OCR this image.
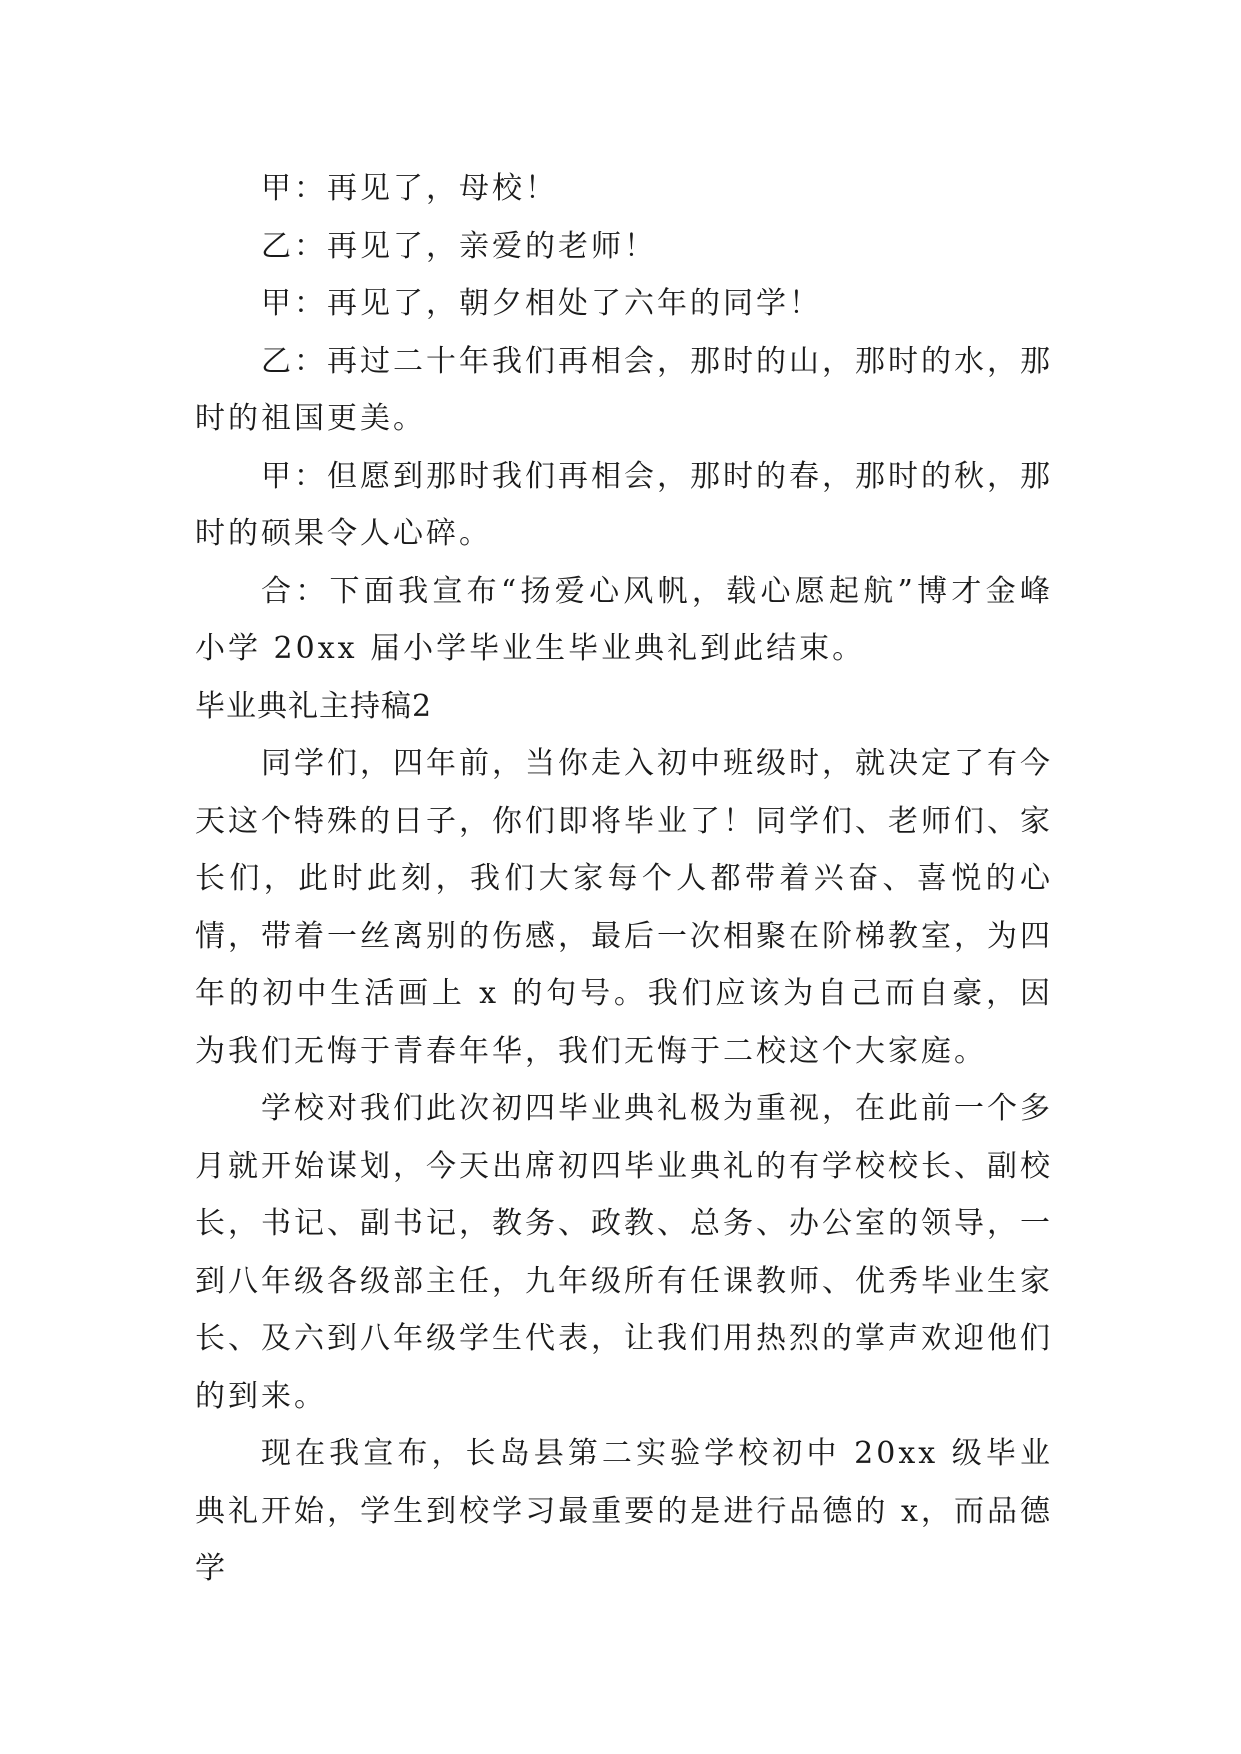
甲：再见了，母校！

乙：再见了，亲爱的老师！

甲：再见了，朝夕相处了六年的同学！

乙：再过二十年我们再相会，那时的山，那时的水，那时的祖国更美。

甲：但愿到那时我们再相会，那时的春，那时的秋，那时的硕果令人心碎。

合：下面我宣布“扬爱心风帆，载心愿起航”博才金峰小学 20xx 届小学毕业生毕业典礼到此结束。

毕业典礼主持稿2

同学们，四年前，当你走入初中班级时，就决定了有今天这个特殊的日子，你们即将毕业了！同学们、老师们、家长们，此时此刻，我们大家每个人都带着兴奋、喜悦的心情，带着一丝离别的伤感，最后一次相聚在阶梯教室，为四年的初中生活画上 x 的句号。我们应该为自己而自豪，因为我们无悔于青春年华，我们无悔于二校这个大家庭。

学校对我们此次初四毕业典礼极为重视，在此前一个多月就开始谋划，今天出席初四毕业典礼的有学校校长、副校长，书记、副书记，教务、政教、总务、办公室的领导，一到八年级各级部主任，九年级所有任课教师、优秀毕业生家长、及六到八年级学生代表，让我们用热烈的掌声欢迎他们的到来。

现在我宣布，长岛县第二实验学校初中 20xx 级毕业典礼开始，学生到校学习最重要的是进行品德的 x，而品德学
